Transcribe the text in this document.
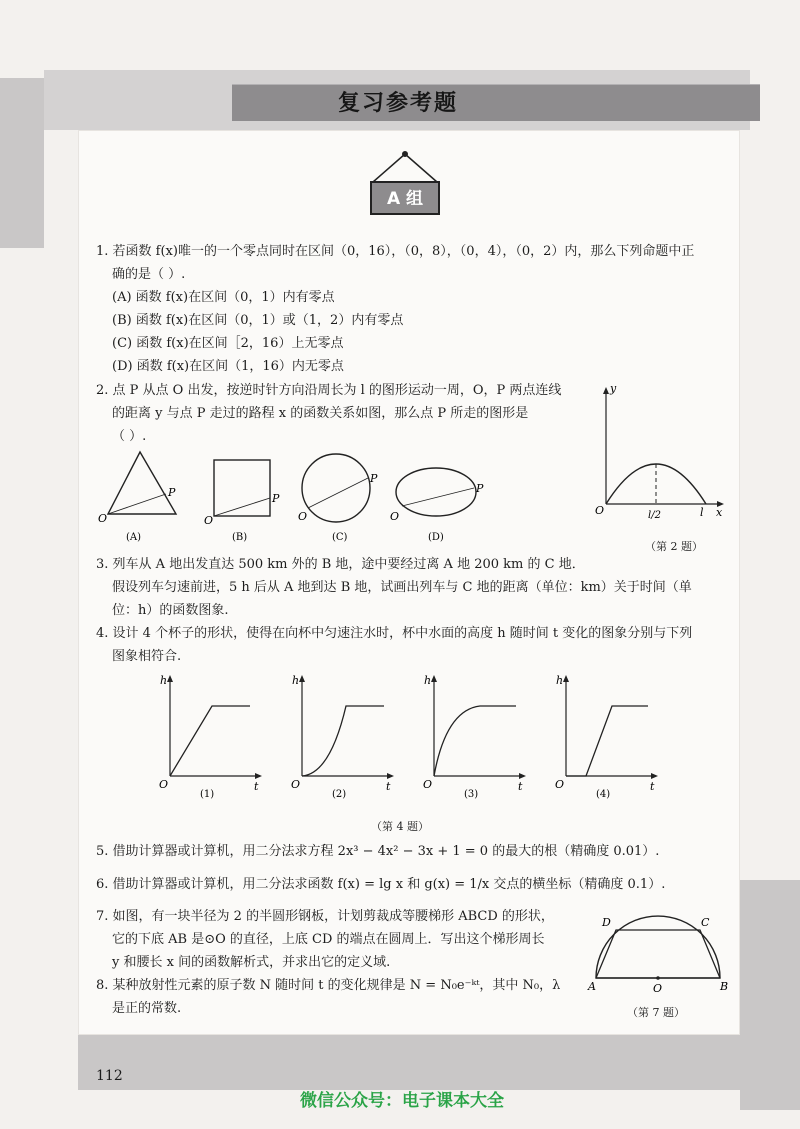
复习参考题
A 组

1. 若函数 f(x)唯一的一个零点同时在区间（0，16），（0，8），（0，4），（0，2）内，那么下列命题中正

确的是（ ）.

(A) 函数 f(x)在区间（0，1）内有零点

(B) 函数 f(x)在区间（0，1）或（1，2）内有零点

(C) 函数 f(x)在区间［2，16）上无零点

(D) 函数 f(x)在区间（1，16）内无零点

2. 点 P 从点 O 出发，按逆时针方向沿周长为 l 的图形运动一周，O，P 两点连线

的距离 y 与点 P 走过的路程 x 的函数关系如图，那么点 P 所走的图形是

（ ）.

O
P
(A)
O
P
(B)
O
P
(C)
O
P
(D)
y
x
O	l/2	l
（第 2 题）

3. 列车从 A 地出发直达 500 km 外的 B 地，途中要经过离 A 地 200 km 的 C 地．

假设列车匀速前进，5 h 后从 A 地到达 B 地，试画出列车与 C 地的距离（单位：km）关于时间（单

位：h）的函数图象.

4. 设计 4 个杯子的形状，使得在向杯中匀速注水时，杯中水面的高度 h 随时间 t 变化的图象分别与下列

图象相符合.

h
t
O
(1)
h
t
O
(2)
h
t
O
(3)
h
t
O
(4)
（第 4 题）

5. 借助计算器或计算机，用二分法求方程 2x³ − 4x² − 3x + 1 = 0 的最大的根（精确度 0.01）.

6. 借助计算器或计算机，用二分法求函数 f(x) = lg x 和 g(x) = 1/x 交点的横坐标（精确度 0.1）.

7. 如图，有一块半径为 2 的半圆形钢板，计划剪裁成等腰梯形 ABCD 的形状，

它的下底 AB 是⊙O 的直径，上底 CD 的端点在圆周上．写出这个梯形周长

y 和腰长 x 间的函数解析式，并求出它的定义域.

D	C
A	B
O
（第 7 题）

8. 某种放射性元素的原子数 N 随时间 t 的变化规律是 N = N₀e⁻ᵏᵗ，其中 N₀，λ

是正的常数.

112
微信公众号：电子课本大全
